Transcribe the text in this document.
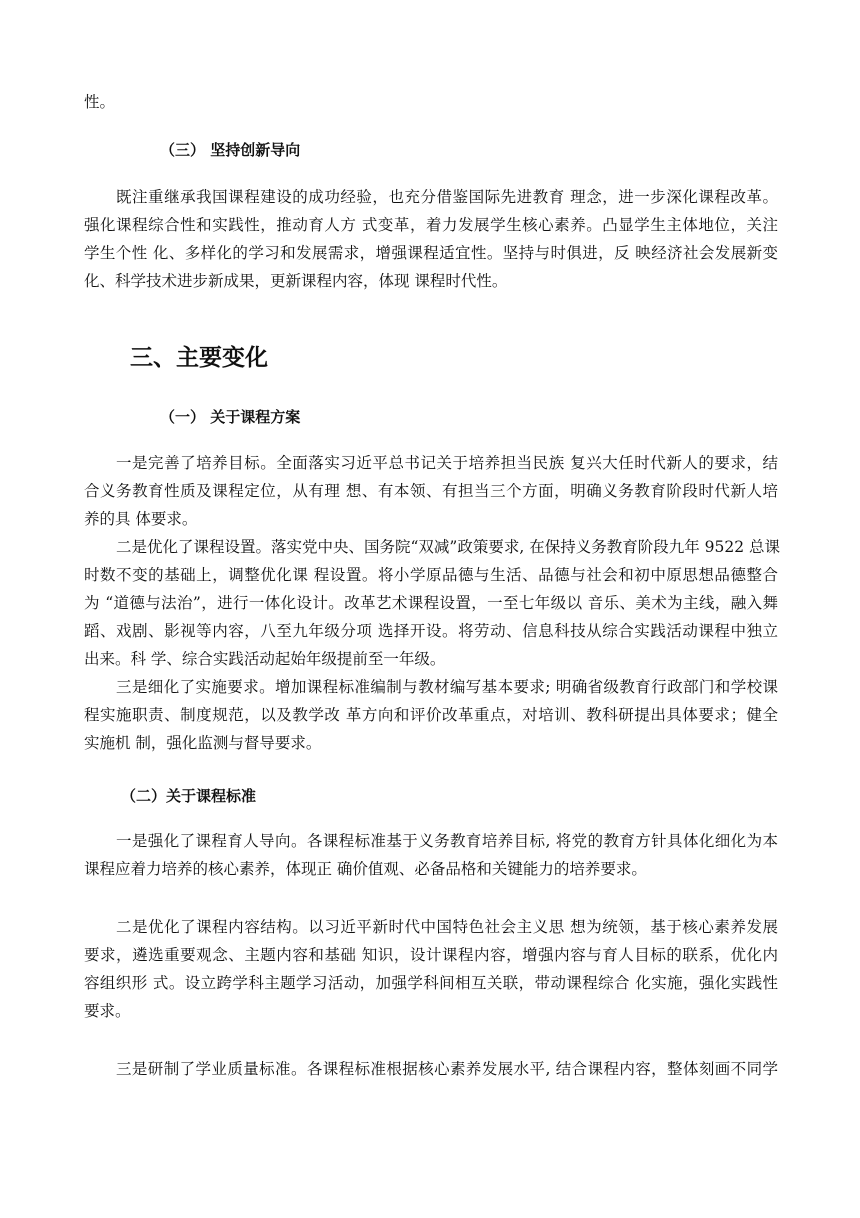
性。
（三） 坚持创新导向
既注重继承我国课程建设的成功经验，也充分借鉴国际先进教育 理念，进一步深化课程改革。
强化课程综合性和实践性，推动育人方 式变革，着力发展学生核心素养。凸显学生主体地位，关注
学生个性 化、多样化的学习和发展需求，增强课程适宜性。坚持与时俱进，反 映经济社会发展新变
化、科学技术进步新成果，更新课程内容，体现 课程时代性。
三、主要变化
（一） 关于课程方案
一是完善了培养目标。全面落实习近平总书记关于培养担当民族 复兴大任时代新人的要求，结
合义务教育性质及课程定位，从有理 想、有本领、有担当三个方面，明确义务教育阶段时代新人培
养的具 体要求。
二是优化了课程设置。落实党中央、国务院“双减”政策要求, 在保持义务教育阶段九年 9522 总课
时数不变的基础上，调整优化课 程设置。将小学原品德与生活、品德与社会和初中原思想品德整合
为 “道德与法治”，进行一体化设计。改革艺术课程设置，一至七年级以 音乐、美术为主线，融入舞
蹈、戏剧、影视等内容，八至九年级分项 选择开设。将劳动、信息科技从综合实践活动课程中独立
出来。科 学、综合实践活动起始年级提前至一年级。
三是细化了实施要求。增加课程标准编制与教材编写基本要求; 明确省级教育行政部门和学校课
程实施职责、制度规范，以及教学改 革方向和评价改革重点，对培训、教科研提出具体要求；健全
实施机 制，强化监测与督导要求。
（二）关于课程标准
一是强化了课程育人导向。各课程标准基于义务教育培养目标, 将党的教育方针具体化细化为本
课程应着力培养的核心素养，体现正 确价值观、必备品格和关键能力的培养要求。
二是优化了课程内容结构。以习近平新时代中国特色社会主义思 想为统领，基于核心素养发展
要求，遴选重要观念、主题内容和基础 知识，设计课程内容，增强内容与育人目标的联系，优化内
容组织形 式。设立跨学科主题学习活动，加强学科间相互关联，带动课程综合 化实施，强化实践性
要求。
三是研制了学业质量标准。各课程标准根据核心素养发展水平, 结合课程内容，整体刻画不同学
